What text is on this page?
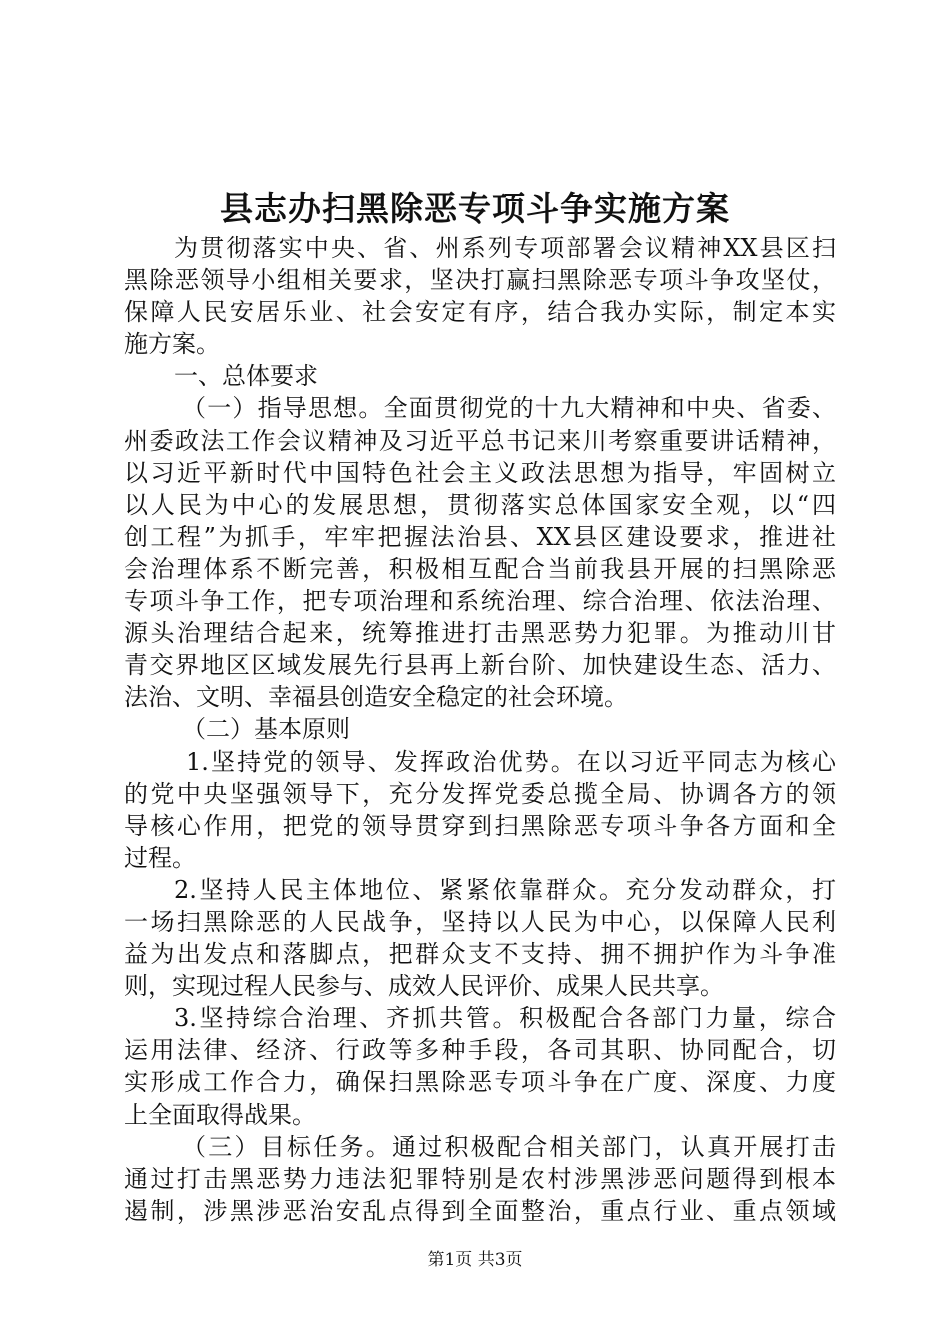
县志办扫黑除恶专项斗争实施方案
为贯彻落实中央、省、州系列专项部署会议精神XX县区扫
黑除恶领导小组相关要求，坚决打赢扫黑除恶专项斗争攻坚仗，
保障人民安居乐业、社会安定有序，结合我办实际，制定本实
施方案。
一、总体要求
（一）指导思想。全面贯彻党的十九大精神和中央、省委、
州委政法工作会议精神及习近平总书记来川考察重要讲话精神，
以习近平新时代中国特色社会主义政法思想为指导，牢固树立
以人民为中心的发展思想，贯彻落实总体国家安全观，以“四
创工程”为抓手，牢牢把握法治县、XX县区建设要求，推进社
会治理体系不断完善，积极相互配合当前我县开展的扫黑除恶
专项斗争工作，把专项治理和系统治理、综合治理、依法治理、
源头治理结合起来，统筹推进打击黑恶势力犯罪。为推动川甘
青交界地区区域发展先行县再上新台阶、加快建设生态、活力、
法治、文明、幸福县创造安全稳定的社会环境。
（二）基本原则
1.坚持党的领导、发挥政治优势。在以习近平同志为核心
的党中央坚强领导下，充分发挥党委总揽全局、协调各方的领
导核心作用，把党的领导贯穿到扫黑除恶专项斗争各方面和全
过程。
2.坚持人民主体地位、紧紧依靠群众。充分发动群众，打
一场扫黑除恶的人民战争，坚持以人民为中心，以保障人民利
益为出发点和落脚点，把群众支不支持、拥不拥护作为斗争准
则，实现过程人民参与、成效人民评价、成果人民共享。
3.坚持综合治理、齐抓共管。积极配合各部门力量，综合
运用法律、经济、行政等多种手段，各司其职、协同配合，切
实形成工作合力，确保扫黑除恶专项斗争在广度、深度、力度
上全面取得战果。
（三）目标任务。通过积极配合相关部门，认真开展打击
通过打击黑恶势力违法犯罪特别是农村涉黑涉恶问题得到根本
遏制，涉黑涉恶治安乱点得到全面整治，重点行业、重点领域
第1页 共3页
